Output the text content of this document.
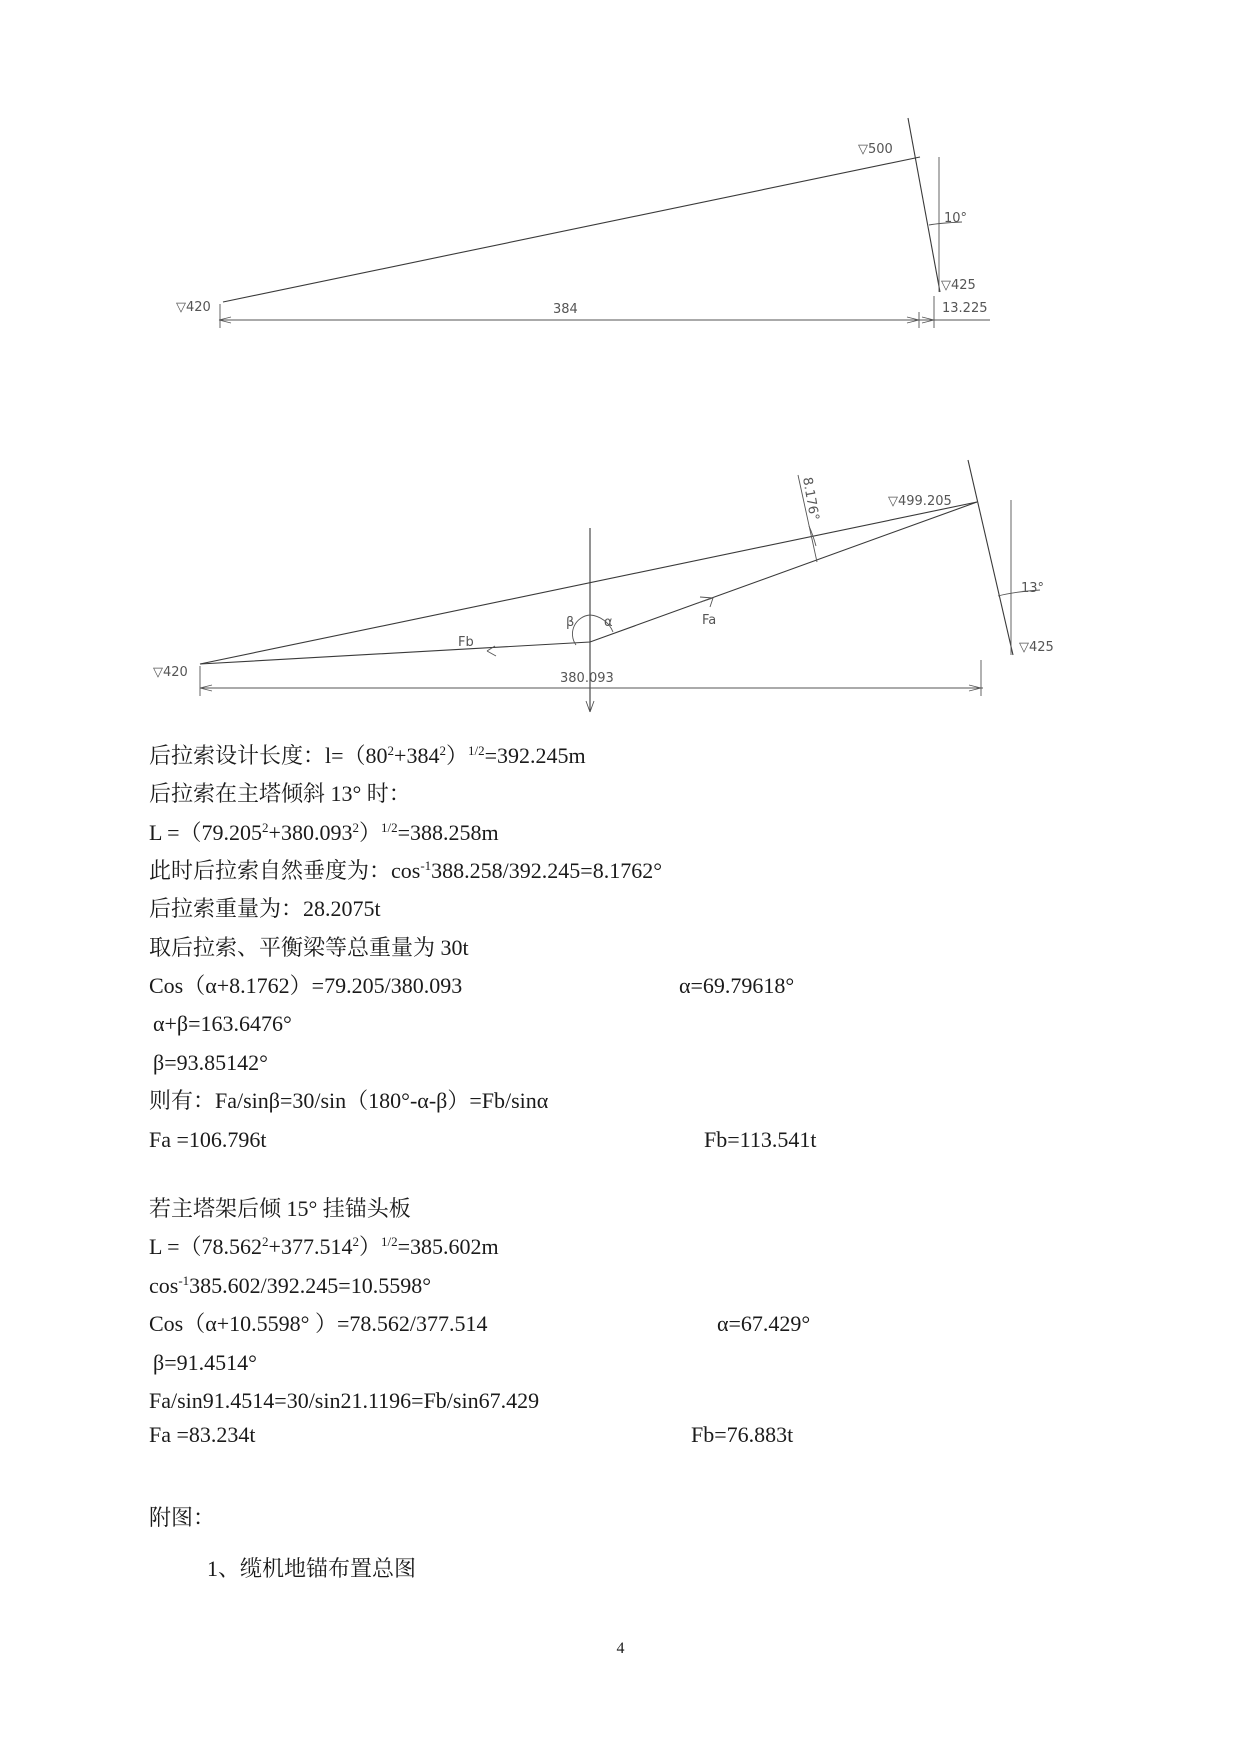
▽500
▽420
▽425
10°
384	13.225
▽499.205
▽420
▽425
13°
8.176°
Fa
Fb
α
β
380.093
后拉索设计长度：$l=(80^2+384^2)^{1/2}=392.245m$
后拉索在主塔倾斜 13° 时：
$L =(79.205^2+380.093^2)^{1/2}=388.258m$
此时后拉索自然垂度为：$\cos^{-1}388.258/392.245=8.1762^\circ$
后拉索重量为：28.2075t
取后拉索、平衡梁等总重量为 30t
Cos（α+8.1762）=79.205/380.093	α=69.79618°
α+β=163.6476°
β=93.85142°
则有：Fa/sinβ=30/sin（180°-α-β）=Fb/sinα
Fa =106.796t	Fb=113.541t
若主塔架后倾 15° 挂锚头板
$L =(78.562^2+377.514^2)^{1/2}=385.602m$
$\cos^{-1}385.602/392.245=10.5598^\circ$
Cos（α+10.5598° ）=78.562/377.514	α=67.429°
β=91.4514°
Fa/sin91.4514=30/sin21.1196=Fb/sin67.429
Fa =83.234t	Fb=76.883t
附图：
1、缆机地锚布置总图
4
